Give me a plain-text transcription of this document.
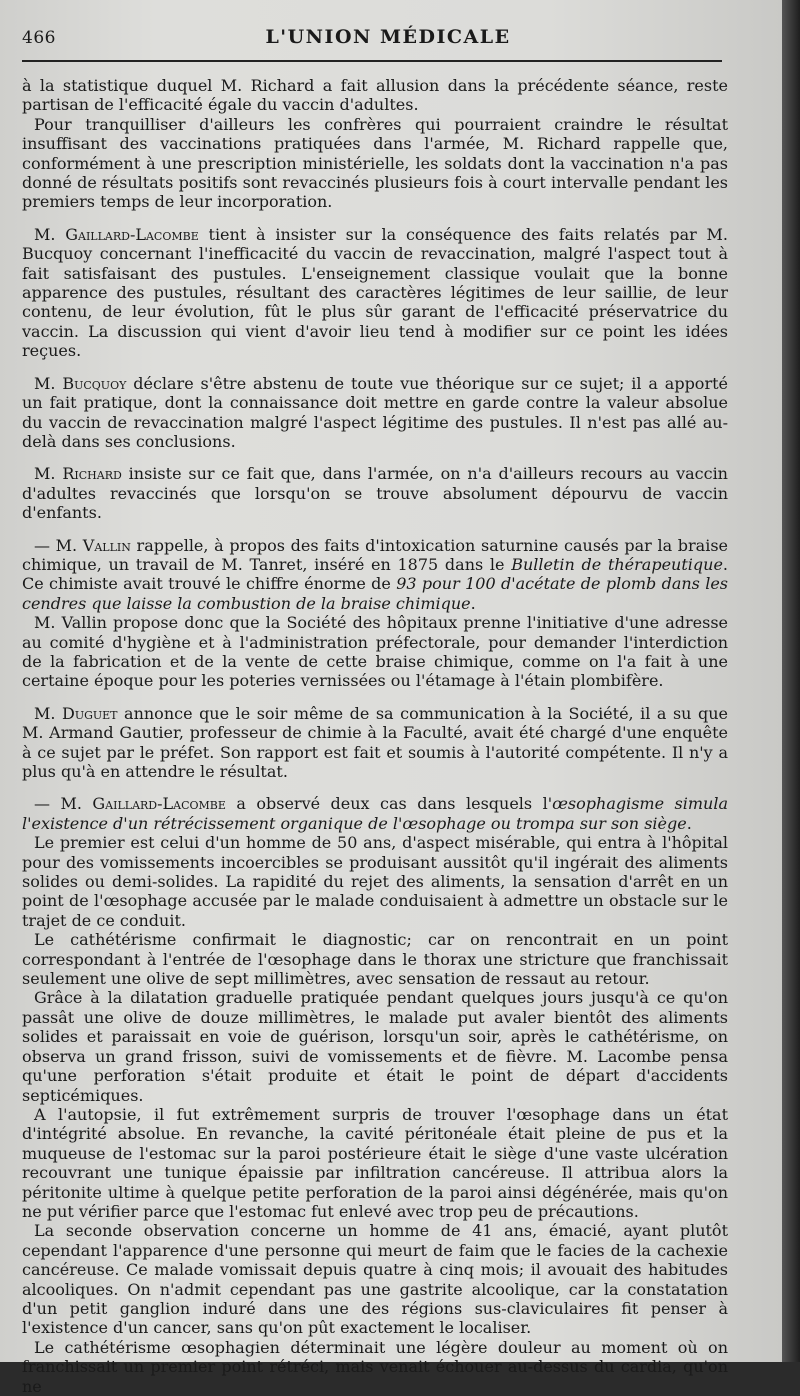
466	L'UNION MÉDICALE

à la statistique duquel M. Richard a fait allusion dans la précédente séance, reste partisan de l'efficacité égale du vaccin d'adultes.

Pour tranquilliser d'ailleurs les confrères qui pourraient craindre le résultat insuffisant des vaccinations pratiquées dans l'armée, M. Richard rappelle que, conformément à une prescription ministérielle, les soldats dont la vaccination n'a pas donné de résultats positifs sont revaccinés plusieurs fois à court intervalle pendant les premiers temps de leur incorporation.

M. Gaillard-Lacombe tient à insister sur la conséquence des faits relatés par M. Bucquoy concernant l'inefficacité du vaccin de revaccination, malgré l'aspect tout à fait satisfaisant des pustules. L'enseignement classique voulait que la bonne apparence des pustules, résultant des caractères légitimes de leur saillie, de leur contenu, de leur évolution, fût le plus sûr garant de l'efficacité préservatrice du vaccin. La discussion qui vient d'avoir lieu tend à modifier sur ce point les idées reçues.

M. Bucquoy déclare s'être abstenu de toute vue théorique sur ce sujet; il a apporté un fait pratique, dont la connaissance doit mettre en garde contre la valeur absolue du vaccin de revaccination malgré l'aspect légitime des pustules. Il n'est pas allé au-delà dans ses conclusions.

M. Richard insiste sur ce fait que, dans l'armée, on n'a d'ailleurs recours au vaccin d'adultes revaccinés que lorsqu'on se trouve absolument dépourvu de vaccin d'enfants.

— M. Vallin rappelle, à propos des faits d'intoxication saturnine causés par la braise chimique, un travail de M. Tanret, inséré en 1875 dans le Bulletin de thérapeutique. Ce chimiste avait trouvé le chiffre énorme de 93 pour 100 d'acétate de plomb dans les cendres que laisse la combustion de la braise chimique.

M. Vallin propose donc que la Société des hôpitaux prenne l'initiative d'une adresse au comité d'hygiène et à l'administration préfectorale, pour demander l'interdiction de la fabrication et de la vente de cette braise chimique, comme on l'a fait à une certaine époque pour les poteries vernissées ou l'étamage à l'étain plombifère.

M. Duguet annonce que le soir même de sa communication à la Société, il a su que M. Armand Gautier, professeur de chimie à la Faculté, avait été chargé d'une enquête à ce sujet par le préfet. Son rapport est fait et soumis à l'autorité compétente. Il n'y a plus qu'à en attendre le résultat.

— M. Gaillard-Lacombe a observé deux cas dans lesquels l'œsophagisme simula l'existence d'un rétrécissement organique de l'œsophage ou trompa sur son siège.

Le premier est celui d'un homme de 50 ans, d'aspect misérable, qui entra à l'hôpital pour des vomissements incoercibles se produisant aussitôt qu'il ingérait des aliments solides ou demi-solides. La rapidité du rejet des aliments, la sensation d'arrêt en un point de l'œsophage accusée par le malade conduisaient à admettre un obstacle sur le trajet de ce conduit.

Le cathétérisme confirmait le diagnostic; car on rencontrait en un point correspondant à l'entrée de l'œsophage dans le thorax une stricture que franchissait seulement une olive de sept millimètres, avec sensation de ressaut au retour.

Grâce à la dilatation graduelle pratiquée pendant quelques jours jusqu'à ce qu'on passât une olive de douze millimètres, le malade put avaler bientôt des aliments solides et paraissait en voie de guérison, lorsqu'un soir, après le cathétérisme, on observa un grand frisson, suivi de vomissements et de fièvre. M. Lacombe pensa qu'une perforation s'était produite et était le point de départ d'accidents septicémiques.

A l'autopsie, il fut extrêmement surpris de trouver l'œsophage dans un état d'intégrité absolue. En revanche, la cavité péritonéale était pleine de pus et la muqueuse de l'estomac sur la paroi postérieure était le siège d'une vaste ulcération recouvrant une tunique épaissie par infiltration cancéreuse. Il attribua alors la péritonite ultime à quelque petite perforation de la paroi ainsi dégénérée, mais qu'on ne put vérifier parce que l'estomac fut enlevé avec trop peu de précautions.

La seconde observation concerne un homme de 41 ans, émacié, ayant plutôt cependant l'apparence d'une personne qui meurt de faim que le facies de la cachexie cancéreuse. Ce malade vomissait depuis quatre à cinq mois; il avouait des habitudes alcooliques. On n'admit cependant pas une gastrite alcoolique, car la constatation d'un petit ganglion induré dans une des régions sus-claviculaires fit penser à l'existence d'un cancer, sans qu'on pût exactement le localiser.

Le cathétérisme œsophagien déterminait une légère douleur au moment où on franchissait un premier point rétréci, mais venait échouer au-dessus du cardia, qu'on ne
